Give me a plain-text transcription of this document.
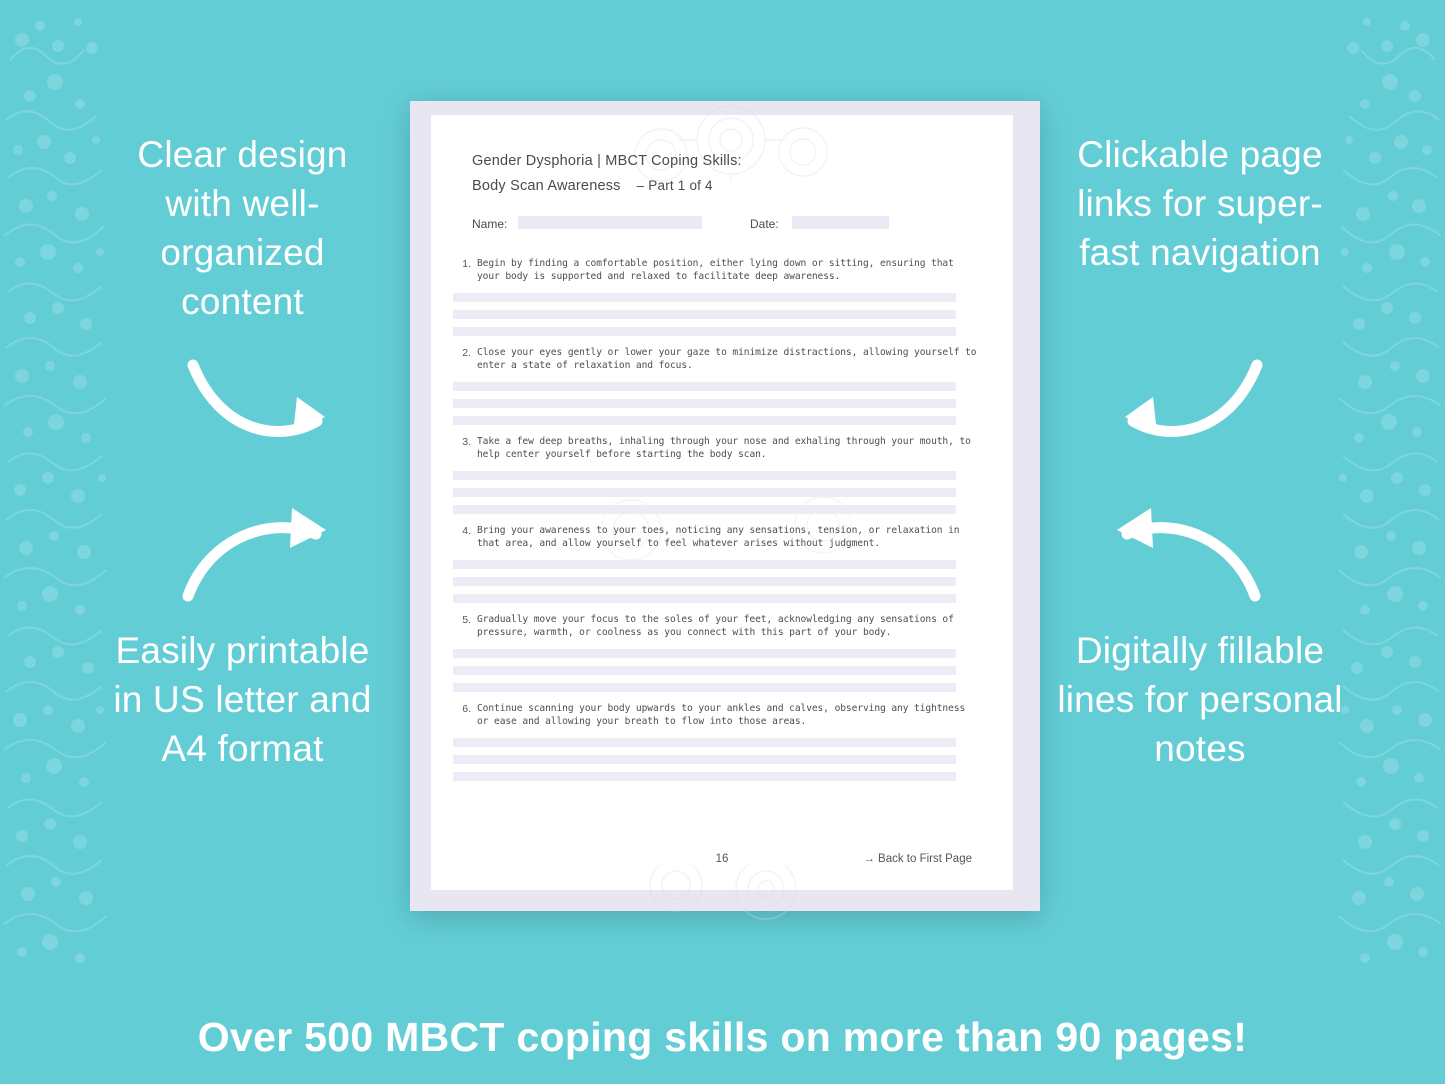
Clear design with well-organized content
Easily printable in US letter and A4 format
Clickable page links for super-fast navigation
Digitally fillable lines for personal notes
Gender Dysphoria | MBCT Coping Skills:
Body Scan Awareness – Part 1 of 4
Name:	Date:
1. Begin by finding a comfortable position, either lying down or sitting, ensuring that your body is supported and relaxed to facilitate deep awareness.
2. Close your eyes gently or lower your gaze to minimize distractions, allowing yourself to enter a state of relaxation and focus.
3. Take a few deep breaths, inhaling through your nose and exhaling through your mouth, to help center yourself before starting the body scan.
4. Bring your awareness to your toes, noticing any sensations, tension, or relaxation in that area, and allow yourself to feel whatever arises without judgment.
5. Gradually move your focus to the soles of your feet, acknowledging any sensations of pressure, warmth, or coolness as you connect with this part of your body.
6. Continue scanning your body upwards to your ankles and calves, observing any tightness or ease and allowing your breath to flow into those areas.
16	→ Back to First Page
Over 500 MBCT coping skills on more than 90 pages!
